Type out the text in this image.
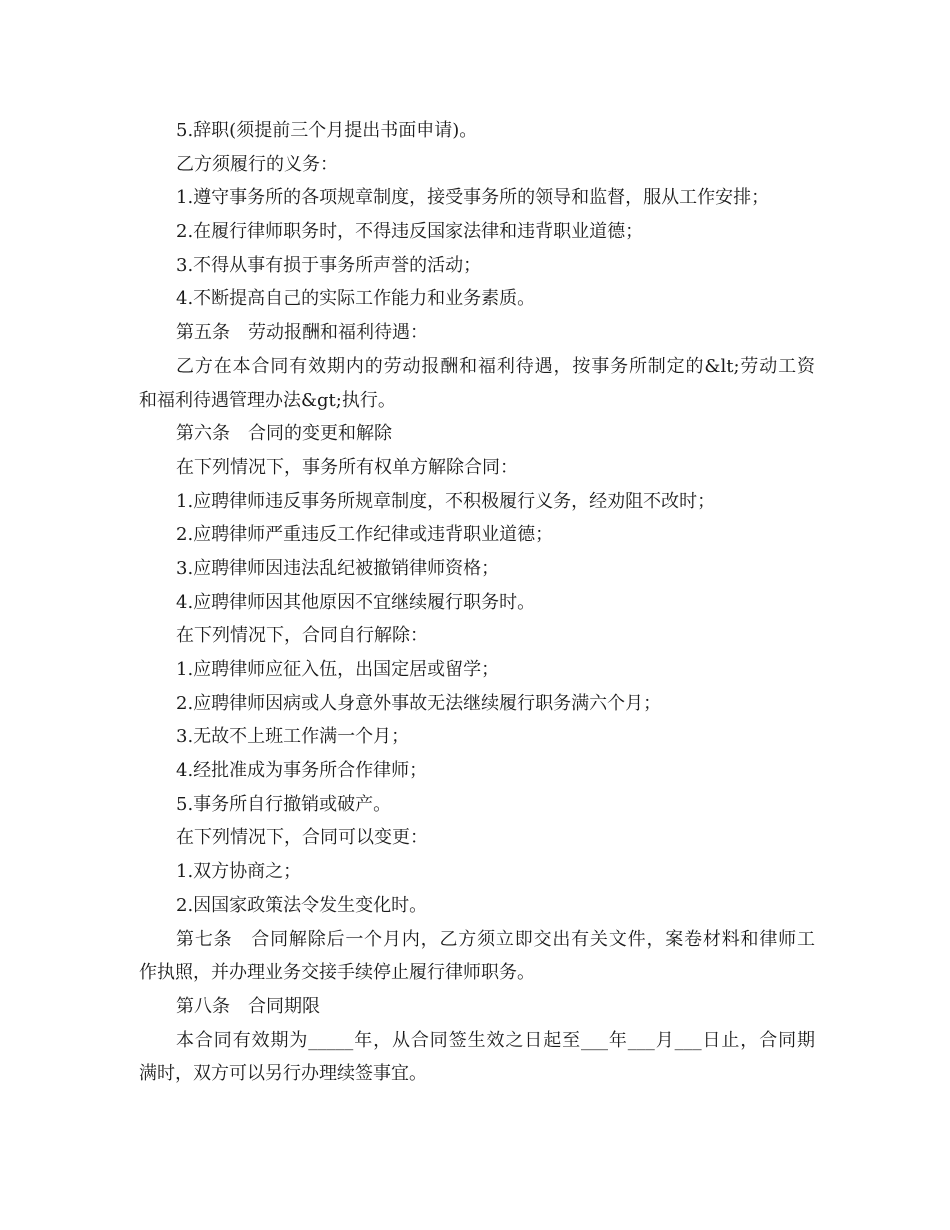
5.辞职(须提前三个月提出书面申请)。
乙方须履行的义务：
1.遵守事务所的各项规章制度，接受事务所的领导和监督，服从工作安排；
2.在履行律师职务时，不得违反国家法律和违背职业道德；
3.不得从事有损于事务所声誉的活动；
4.不断提高自己的实际工作能力和业务素质。
第五条　劳动报酬和福利待遇：
乙方在本合同有效期内的劳动报酬和福利待遇，按事务所制定的&lt;劳动工资
和福利待遇管理办法&gt;执行。
第六条　合同的变更和解除
在下列情况下，事务所有权单方解除合同：
1.应聘律师违反事务所规章制度，不积极履行义务，经劝阻不改时；
2.应聘律师严重违反工作纪律或违背职业道德；
3.应聘律师因违法乱纪被撤销律师资格；
4.应聘律师因其他原因不宜继续履行职务时。
在下列情况下，合同自行解除：
1.应聘律师应征入伍，出国定居或留学；
2.应聘律师因病或人身意外事故无法继续履行职务满六个月；
3.无故不上班工作满一个月；
4.经批准成为事务所合作律师；
5.事务所自行撤销或破产。
在下列情况下，合同可以变更：
1.双方协商之；
2.因国家政策法令发生变化时。
第七条　合同解除后一个月内，乙方须立即交出有关文件，案卷材料和律师工
作执照，并办理业务交接手续停止履行律师职务。
第八条　合同期限
本合同有效期为_____年，从合同签生效之日起至___年___月___日止，合同期
满时，双方可以另行办理续签事宜。
